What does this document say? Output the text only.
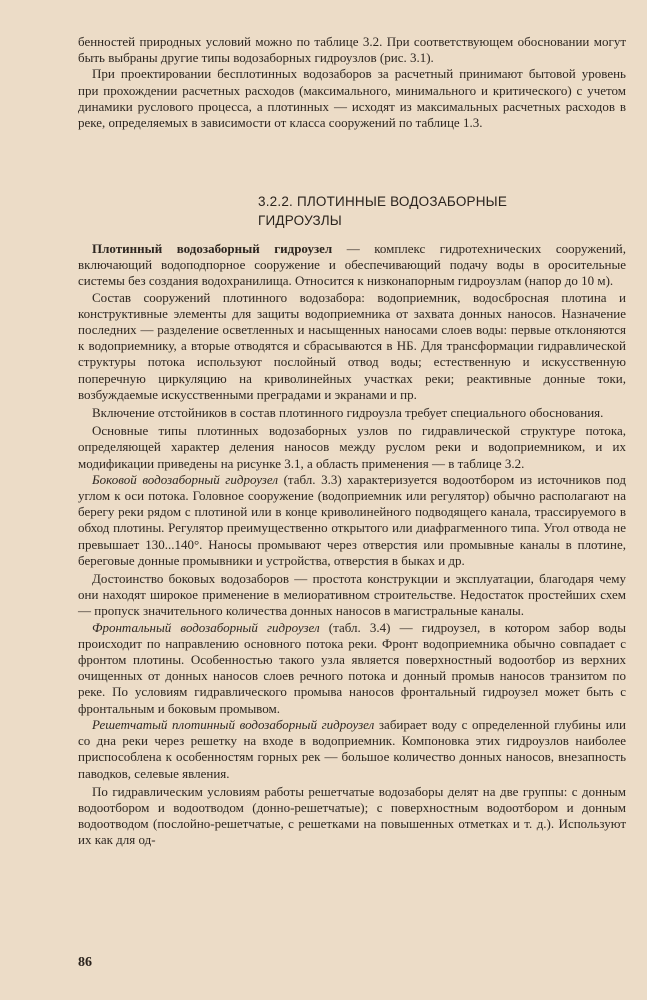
бенностей природных условий можно по таблице 3.2. При соответствующем обосновании могут быть выбраны другие типы водозаборных гидроузлов (рис. 3.1).

При проектировании бесплотинных водозаборов за расчетный принимают бытовой уровень при прохождении расчетных расходов (максимального, минимального и критического) с учетом динамики руслового процесса, а плотинных — исходят из максимальных расчетных расходов в реке, определяемых в зависимости от класса сооружений по таблице 1.3.

3.2.2. ПЛОТИННЫЕ ВОДОЗАБОРНЫЕ
ГИДРОУЗЛЫ

Плотинный водозаборный гидроузел — комплекс гидротехнических сооружений, включающий водоподпорное сооружение и обеспечивающий подачу воды в оросительные системы без создания водохранилища. Относится к низконапорным гидроузлам (напор до 10 м).

Состав сооружений плотинного водозабора: водоприемник, водосбросная плотина и конструктивные элементы для защиты водоприемника от захвата донных наносов. Назначение последних — разделение осветленных и насыщенных наносами слоев воды: первые отклоняются к водоприемнику, а вторые отводятся и сбрасываются в НБ. Для трансформации гидравлической структуры потока используют послойный отвод воды; естественную и искусственную поперечную циркуляцию на криволинейных участках реки; реактивные донные токи, возбуждаемые искусственными преградами и экранами и пр.

Включение отстойников в состав плотинного гидроузла требует специального обоснования.

Основные типы плотинных водозаборных узлов по гидравлической структуре потока, определяющей характер деления наносов между руслом реки и водоприемником, и их модификации приведены на рисунке 3.1, а область применения — в таблице 3.2.

Боковой водозаборный гидроузел (табл. 3.3) характеризуется водоотбором из источников под углом к оси потока. Головное сооружение (водоприемник или регулятор) обычно располагают на берегу реки рядом с плотиной или в конце криволинейного подводящего канала, трассируемого в обход плотины. Регулятор преимущественно открытого или диафрагменного типа. Угол отвода не превышает 130...140°. Наносы промывают через отверстия или промывные каналы в плотине, береговые донные промывники и устройства, отверстия в быках и др.

Достоинство боковых водозаборов — простота конструкции и эксплуатации, благодаря чему они находят широкое применение в мелиоративном строительстве. Недостаток простейших схем — пропуск значительного количества донных наносов в магистральные каналы.

Фронтальный водозаборный гидроузел (табл. 3.4) — гидроузел, в котором забор воды происходит по направлению основного потока реки. Фронт водоприемника обычно совпадает с фронтом плотины. Особенностью такого узла является поверхностный водоотбор из верхних очищенных от донных наносов слоев речного потока и донный промыв наносов транзитом по реке. По условиям гидравлического промыва наносов фронтальный гидроузел может быть с фронтальным и боковым промывом.

Решетчатый плотинный водозаборный гидроузел забирает воду с определенной глубины или со дна реки через решетку на входе в водоприемник. Компоновка этих гидроузлов наиболее приспособлена к особенностям горных рек — большое количество донных наносов, внезапность паводков, селевые явления.

По гидравлическим условиям работы решетчатые водозаборы делят на две группы: с донным водоотбором и водоотводом (донно-решетчатые); с поверхностным водоотбором и донным водоотводом (послойно-решетчатые, с решетками на повышенных отметках и т. д.). Используют их как для од-

86
